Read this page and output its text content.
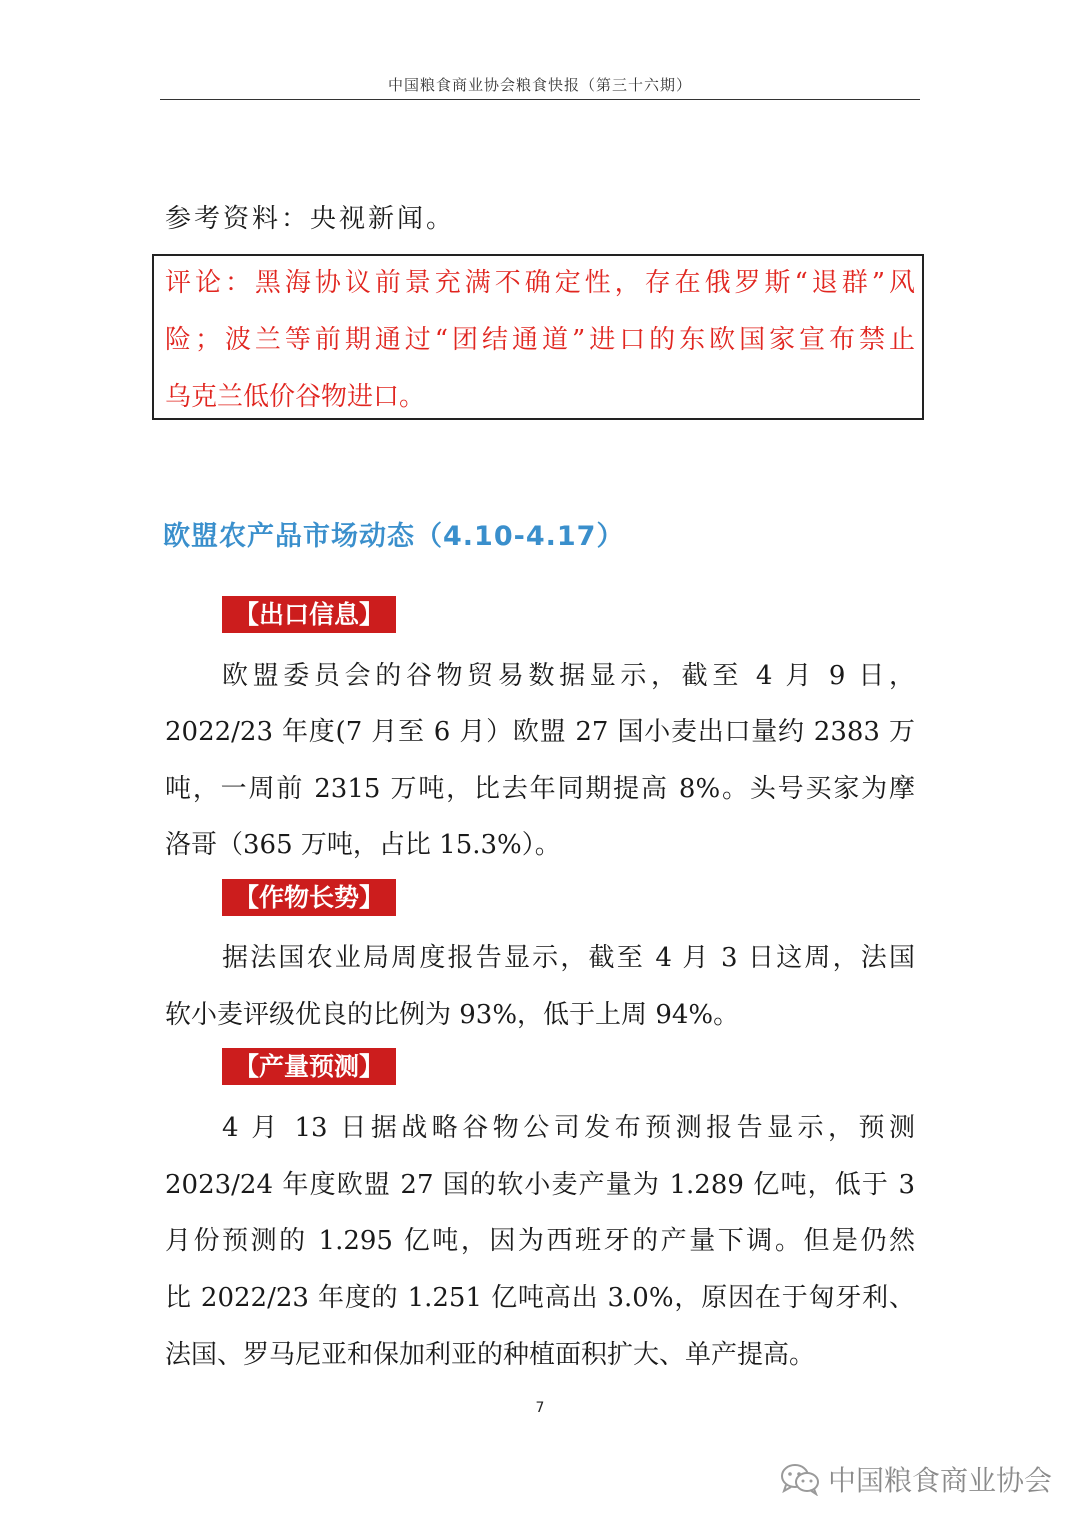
中国粮食商业协会粮食快报（第三十六期）
参考资料：央视新闻。
评论：黑海协议前景充满不确定性，存在俄罗斯“退群”风
险；波兰等前期通过“团结通道”进口的东欧国家宣布禁止
乌克兰低价谷物进口。
欧盟农产品市场动态（4.10-4.17）
【出口信息】
欧盟委员会的谷物贸易数据显示，截至 4 月 9 日，
2022/23 年度(7 月至 6 月）欧盟 27 国小麦出口量约 2383 万
吨，一周前 2315 万吨，比去年同期提高 8%。头号买家为摩
洛哥（365 万吨，占比 15.3%）。
【作物长势】
据法国农业局周度报告显示，截至 4 月 3 日这周，法国
软小麦评级优良的比例为 93%，低于上周 94%。
【产量预测】
4 月 13 日据战略谷物公司发布预测报告显示，预测
2023/24 年度欧盟 27 国的软小麦产量为 1.289 亿吨，低于 3
月份预测的 1.295 亿吨，因为西班牙的产量下调。但是仍然
比 2022/23 年度的 1.251 亿吨高出 3.0%，原因在于匈牙利、
法国、罗马尼亚和保加利亚的种植面积扩大、单产提高。
7
中国粮食商业协会
